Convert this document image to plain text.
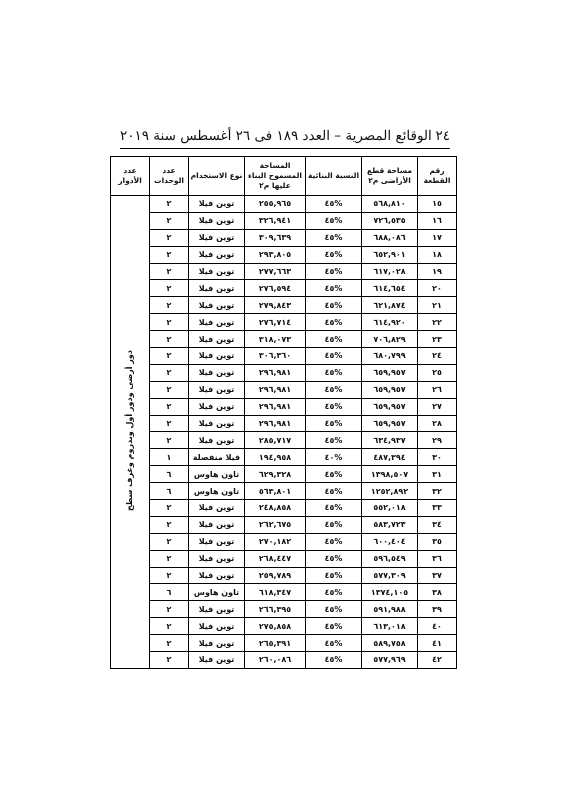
٢٤
الوقائع المصرية – العدد ١٨٩ فى ٢٦ أغسطس سنة ٢٠١٩
رقم القطعة	مساحة قطع الأراضى م٢	النسبة البنائية	المساحة المسموح البناء عليها م٢	نوع الاستخدام	عدد الوحدات	عدد الأدوار
١٥	٥٦٨,٨١٠	%٤٥	٢٥٥,٩٦٥	توين فيلا	٢	دور أرضى ودور أول وبدروم وغرف سطح
١٦	٧٢٦,٥٣٥	%٤٥	٣٢٦,٩٤١	توين فيلا	٢	
١٧	٦٨٨,٠٨٦	%٤٥	٣٠٩,٦٣٩	توين فيلا	٢	
١٨	٦٥٢,٩٠١	%٤٥	٢٩٣,٨٠٥	توين فيلا	٢	
١٩	٦١٧,٠٢٨	%٤٥	٢٧٧,٦٦٣	توين فيلا	٢	
٢٠	٦١٤,٦٥٤	%٤٥	٢٧٦,٥٩٤	توين فيلا	٢	
٢١	٦٢١,٨٧٤	%٤٥	٢٧٩,٨٤٣	توين فيلا	٢	
٢٢	٦١٤,٩٢٠	%٤٥	٢٧٦,٧١٤	توين فيلا	٢	
٢٣	٧٠٦,٨٢٩	%٤٥	٣١٨,٠٧٣	توين فيلا	٢	
٢٤	٦٨٠,٧٩٩	%٤٥	٣٠٦,٣٦٠	توين فيلا	٢	
٢٥	٦٥٩,٩٥٧	%٤٥	٢٩٦,٩٨١	توين فيلا	٢	
٢٦	٦٥٩,٩٥٧	%٤٥	٢٩٦,٩٨١	توين فيلا	٢	
٢٧	٦٥٩,٩٥٧	%٤٥	٢٩٦,٩٨١	توين فيلا	٢	
٢٨	٦٥٩,٩٥٧	%٤٥	٢٩٦,٩٨١	توين فيلا	٢	
٢٩	٦٣٤,٩٣٧	%٤٥	٢٨٥,٧١٧	توين فيلا	٢	
٣٠	٤٨٧,٣٩٤	%٤٠	١٩٤,٩٥٨	فيلا منفصلة	١	
٣١	١٣٩٨,٥٠٧	%٤٥	٦٢٩,٣٢٨	تاون هاوس	٦	
٣٢	١٢٥٢,٨٩٢	%٤٥	٥٦٣,٨٠١	تاون هاوس	٦	
٣٣	٥٥٢,٠١٨	%٤٥	٢٤٨,٨٥٨	توين فيلا	٢	
٣٤	٥٨٣,٧٢٣	%٤٥	٢٦٢,٦٧٥	توين فيلا	٢	
٣٥	٦٠٠,٤٠٤	%٤٥	٢٧٠,١٨٢	توين فيلا	٢	
٣٦	٥٩٦,٥٤٩	%٤٥	٢٦٨,٤٤٧	توين فيلا	٢	
٣٧	٥٧٧,٣٠٩	%٤٥	٢٥٩,٧٨٩	توين فيلا	٢	
٣٨	١٣٧٤,١٠٥	%٤٥	٦١٨,٣٤٧	تاون هاوس	٦	
٣٩	٥٩١,٩٨٨	%٤٥	٢٦٦,٣٩٥	توين فيلا	٢	
٤٠	٦١٣,٠١٨	%٤٥	٢٧٥,٨٥٨	توين فيلا	٢	
٤١	٥٨٩,٧٥٨	%٤٥	٢٦٥,٣٩١	توين فيلا	٢	
٤٢	٥٧٧,٩٦٩	%٤٥	٢٦٠,٠٨٦	توين فيلا	٢	
